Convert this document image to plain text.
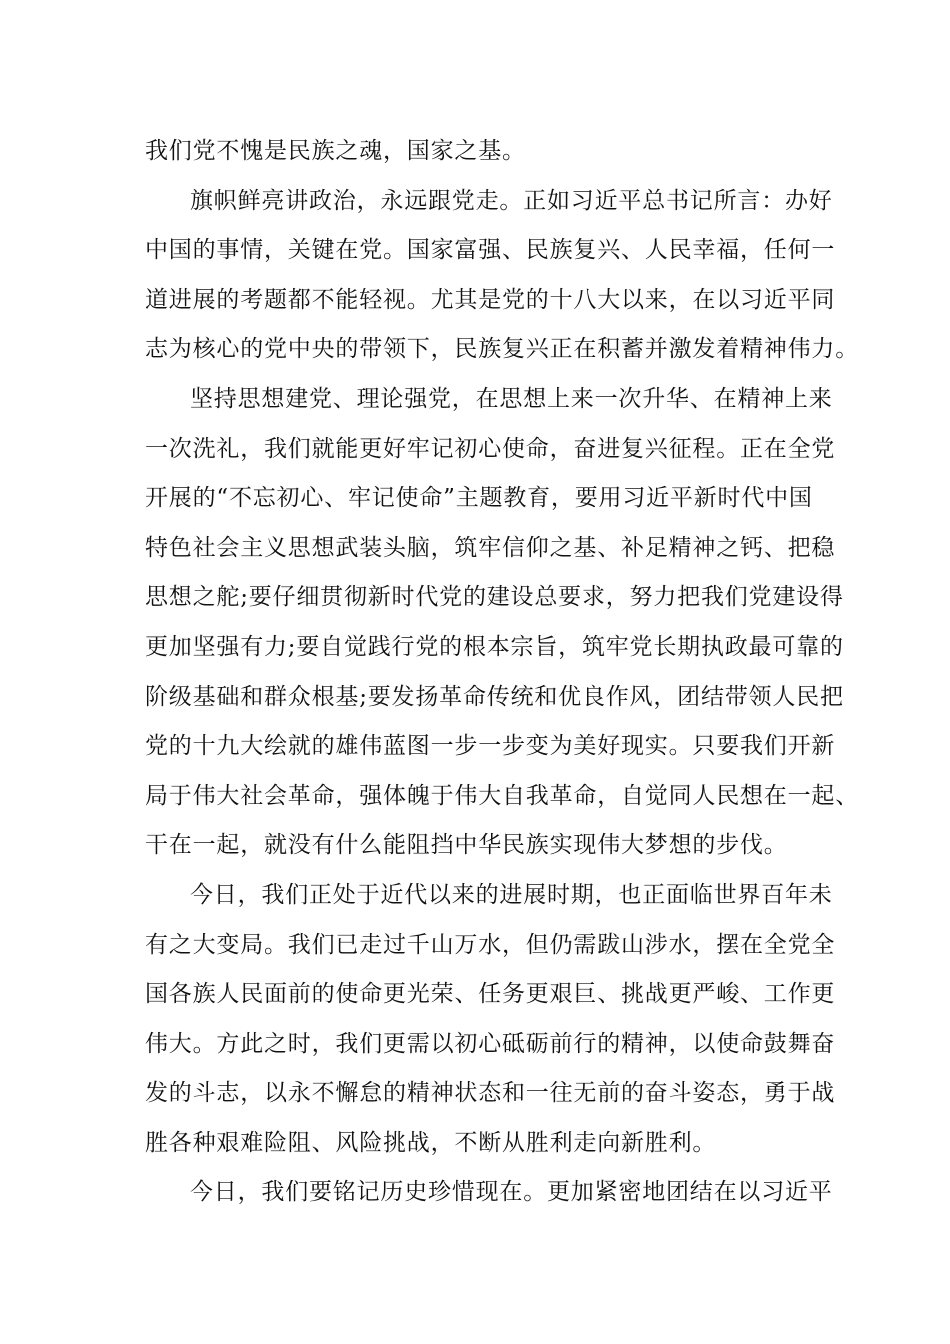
我们党不愧是民族之魂，国家之基。
旗帜鲜亮讲政治，永远跟党走。正如习近平总书记所言：办好
中国的事情，关键在党。国家富强、民族复兴、人民幸福，任何一
道进展的考题都不能轻视。尤其是党的十八大以来，在以习近平同
志为核心的党中央的带领下，民族复兴正在积蓄并激发着精神伟力。
坚持思想建党、理论强党，在思想上来一次升华、在精神上来
一次洗礼，我们就能更好牢记初心使命，奋进复兴征程。正在全党
开展的“不忘初心、牢记使命”主题教育，要用习近平新时代中国
特色社会主义思想武装头脑，筑牢信仰之基、补足精神之钙、把稳
思想之舵;要仔细贯彻新时代党的建设总要求，努力把我们党建设得
更加坚强有力;要自觉践行党的根本宗旨，筑牢党长期执政最可靠的
阶级基础和群众根基;要发扬革命传统和优良作风，团结带领人民把
党的十九大绘就的雄伟蓝图一步一步变为美好现实。只要我们开新
局于伟大社会革命，强体魄于伟大自我革命，自觉同人民想在一起、
干在一起，就没有什么能阻挡中华民族实现伟大梦想的步伐。
今日，我们正处于近代以来的进展时期，也正面临世界百年未
有之大变局。我们已走过千山万水，但仍需跋山涉水，摆在全党全
国各族人民面前的使命更光荣、任务更艰巨、挑战更严峻、工作更
伟大。方此之时，我们更需以初心砥砺前行的精神，以使命鼓舞奋
发的斗志，以永不懈怠的精神状态和一往无前的奋斗姿态，勇于战
胜各种艰难险阻、风险挑战，不断从胜利走向新胜利。
今日，我们要铭记历史珍惜现在。更加紧密地团结在以习近平
